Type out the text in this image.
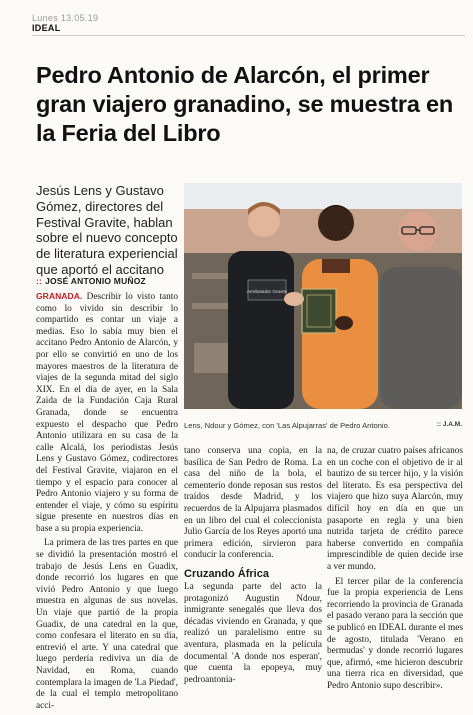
Lunes 13.05.19
IDEAL
Pedro Antonio de Alarcón, el primer gran viajero granadino, se muestra en la Feria del Libro

Jesús Lens y Gustavo Gómez, directores del Festival Gravite, hablan sobre el nuevo concepto de literatura experiencial que aportó el accitano

:: JOSÉ ANTONIO MUÑOZ
Arrebatador Gravite
Lens, Ndour y Gómez, con 'Las Alpujarras' de Pedro Antonio.	:: J.A.M.

GRANADA. Describir lo visto tanto como lo vivido sin describir lo compartido es contar un viaje a medias. Eso lo sabía muy bien el accitano Pedro Antonio de Alarcón, y por ello se convirtió en uno de los mayores maestros de la literatura de viajes de la segunda mitad del siglo XIX. En el día de ayer, en la Sala Zaida de la Fundación Caja Rural Granada, donde se encuentra expuesto el despacho que Pedro Antonio utilizara en su casa de la calle Alcalá, los periodistas Jesús Lens y Gustavo Gómez, codirectores del Festival Gravite, viajaron en el tiempo y el espacio para conocer al Pedro Antonio viajero y su forma de entender el viaje, y cómo su espíritu sigue presente en nuestros días en base a su propia experiencia.

La primera de las tres partes en que se dividió la presentación mostró el trabajo de Jesús Lens en Guadix, donde recorrió los lugares en que vivió Pedro Antonio y que luego muestra en algunas de sus novelas. Un viaje que partió de la propia Guadix, de una catedral en la que, como confesara el literato en su día, entrevió el arte. Y una catedral que luego perdería rediviva un día de Navidad, en Roma, cuando contemplara la imagen de 'La Piedad', de la cual el templo metropolitano acci-

tano conserva una copia, en la basílica de San Pedro de Roma. La casa del niño de la bola, el cementerio donde reposan sus restos traídos desde Madrid, y los recuerdos de la Alpujarra plasmados en un libro del cual el coleccionista Julio García de los Reyes aportó una primera edición, sirvieron para conducir la conferencia.

Cruzando África

La segunda parte del acto la protagonizó Augustin Ndour, inmigrante senegalés que lleva dos décadas viviendo en Granada, y que realizó un paralelismo entre su aventura, plasmada en la película documental 'A donde nos esperan', que cuenta la epopeya, muy pedroantonia-

na, de cruzar cuatro países africanos en un coche con el objetivo de ir al bautizo de su tercer hijo, y la visión del literato. Es esa perspectiva del viajero que hizo suya Alarcón, muy difícil hoy en día en que un pasaporte en regla y una bien nutrida tarjeta de crédito parece haberse convertido en compañía imprescindible de quien decide irse a ver mundo.

El tercer pilar de la conferencia fue la propia experiencia de Lens recorriendo la provincia de Granada el pasado verano para la sección que se publicó en IDEAL durante el mes de agosto, titulada 'Verano en bermudas' y donde recorrió lugares que, afirmó, «me hicieron descubrir una tierra rica en diversidad, que Pedro Antonio supo describir».
